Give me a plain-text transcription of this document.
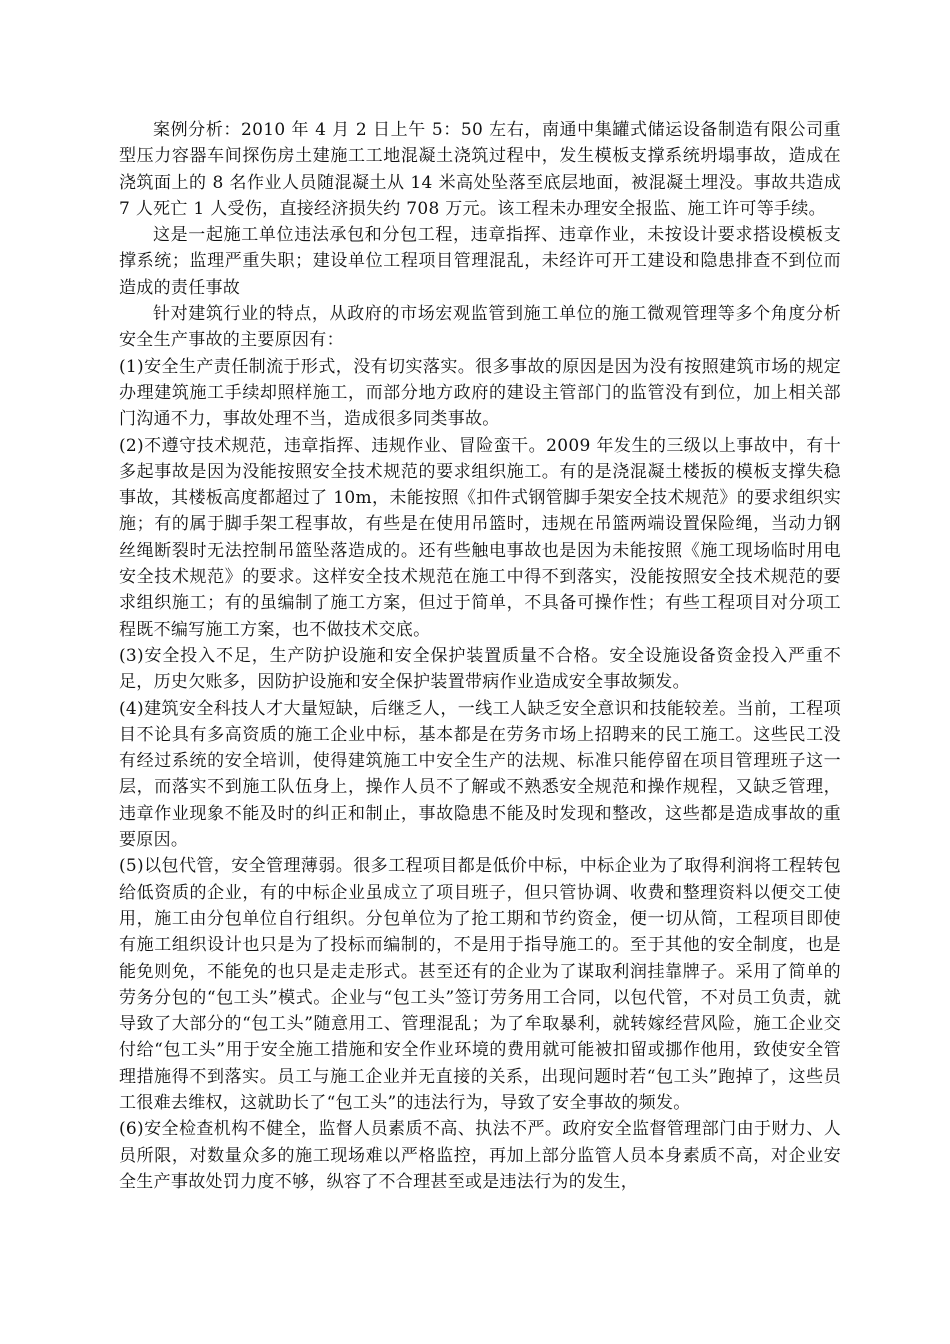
案例分析：2010 年 4 月 2 日上午 5：50 左右，南通中集罐式储运设备制造有限公司重型压力容器车间探伤房土建施工工地混凝土浇筑过程中，发生模板支撑系统坍塌事故，造成在浇筑面上的 8 名作业人员随混凝土从 14 米高处坠落至底层地面，被混凝土埋没。事故共造成 7 人死亡 1 人受伤，直接经济损失约 708 万元。该工程未办理安全报监、施工许可等手续。

这是一起施工单位违法承包和分包工程，违章指挥、违章作业，未按设计要求搭设模板支撑系统；监理严重失职；建设单位工程项目管理混乱，未经许可开工建设和隐患排查不到位而造成的责任事故

针对建筑行业的特点，从政府的市场宏观监管到施工单位的施工微观管理等多个角度分析安全生产事故的主要原因有：

(1)安全生产责任制流于形式，没有切实落实。很多事故的原因是因为没有按照建筑市场的规定办理建筑施工手续却照样施工，而部分地方政府的建设主管部门的监管没有到位，加上相关部门沟通不力，事故处理不当，造成很多同类事故。

(2)不遵守技术规范，违章指挥、违规作业、冒险蛮干。2009 年发生的三级以上事故中，有十多起事故是因为没能按照安全技术规范的要求组织施工。有的是浇混凝土楼扳的模板支撑失稳事故，其楼板高度都超过了 10m，未能按照《扣件式钢管脚手架安全技术规范》的要求组织实施；有的属于脚手架工程事故，有些是在使用吊篮时，违规在吊篮两端设置保险绳，当动力钢丝绳断裂时无法控制吊篮坠落造成的。还有些触电事故也是因为未能按照《施工现场临时用电安全技术规范》的要求。这样安全技术规范在施工中得不到落实，没能按照安全技术规范的要求组织施工；有的虽编制了施工方案，但过于简单，不具备可操作性；有些工程项目对分项工程既不编写施工方案，也不做技术交底。

(3)安全投入不足，生产防护设施和安全保护装置质量不合格。安全设施设备资金投入严重不足，历史欠账多，因防护设施和安全保护装置带病作业造成安全事故频发。

(4)建筑安全科技人才大量短缺，后继乏人，一线工人缺乏安全意识和技能较差。当前，工程项目不论具有多高资质的施工企业中标，基本都是在劳务市场上招聘来的民工施工。这些民工没有经过系统的安全培训，使得建筑施工中安全生产的法规、标准只能停留在项目管理班子这一层，而落实不到施工队伍身上，操作人员不了解或不熟悉安全规范和操作规程，又缺乏管理，违章作业现象不能及时的纠正和制止，事故隐患不能及时发现和整改，这些都是造成事故的重要原因。

(5)以包代管，安全管理薄弱。很多工程项目都是低价中标，中标企业为了取得利润将工程转包给低资质的企业，有的中标企业虽成立了项目班子，但只管协调、收费和整理资料以便交工使用，施工由分包单位自行组织。分包单位为了抢工期和节约资金，便一切从简，工程项目即使有施工组织设计也只是为了投标而编制的，不是用于指导施工的。至于其他的安全制度，也是能免则免，不能免的也只是走走形式。甚至还有的企业为了谋取利润挂靠牌子。采用了简单的劳务分包的“包工头”模式。企业与“包工头”签订劳务用工合同，以包代管，不对员工负责，就导致了大部分的“包工头”随意用工、管理混乱；为了牟取暴利，就转嫁经营风险，施工企业交付给“包工头”用于安全施工措施和安全作业环境的费用就可能被扣留或挪作他用，致使安全管理措施得不到落实。员工与施工企业并无直接的关系，出现问题时若“包工头”跑掉了，这些员工很难去维权，这就助长了“包工头”的违法行为，导致了安全事故的频发。

(6)安全检查机构不健全，监督人员素质不高、执法不严。政府安全监督管理部门由于财力、人员所限，对数量众多的施工现场难以严格监控，再加上部分监管人员本身素质不高，对企业安全生产事故处罚力度不够，纵容了不合理甚至或是违法行为的发生，
